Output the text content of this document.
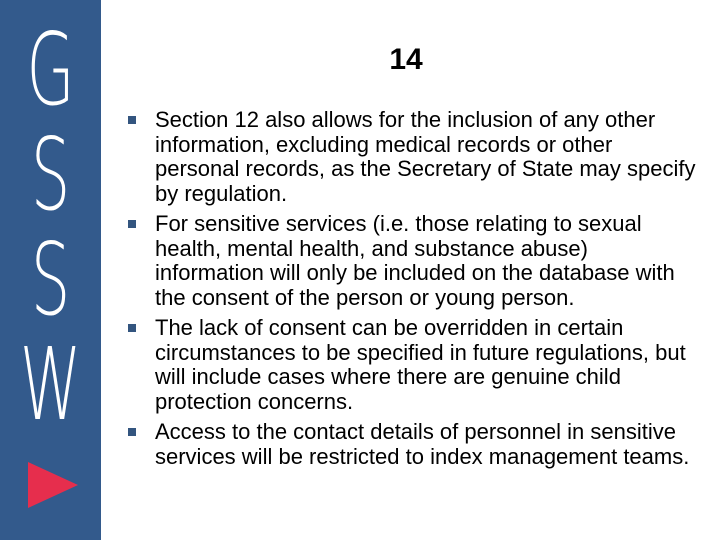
G
S
S
W
14
Section 12 also allows for the inclusion of any other information, excluding medical records or other personal records, as the Secretary of State may specify by regulation.
For sensitive services (i.e. those relating to sexual health, mental health, and substance abuse) information will only be included on the database with the consent of the person or young person.
The lack of consent can be overridden in certain circumstances to be specified in future regulations, but will include cases where there are genuine child protection concerns.
Access to the contact details of personnel in sensitive services will be restricted to index management teams.
